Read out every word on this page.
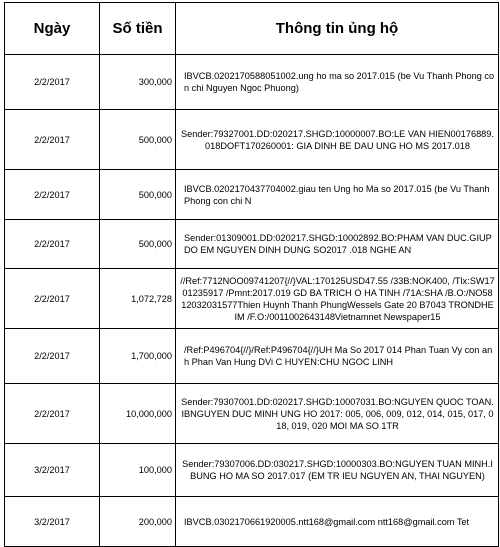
Ngày	Số tiền	Thông tin ủng hộ
2/2/2017	300,000	IBVCB.0202170588051002.ung ho ma so 2017.015 (be Vu Thanh Phong con chi Nguyen Ngoc Phuong)
2/2/2017	500,000	Sender:79327001.DD:020217.SHGD:10000007.BO:LE VAN HIEN00176889.018DOFT170260001: GIA DINH BE DAU UNG HO MS 2017.018
2/2/2017	500,000	IBVCB.0202170437704002.giau ten Ung ho Ma so 2017.015 (be Vu Thanh Phong con chi N
2/2/2017	500,000	Sender:01309001.DD:020217.SHGD:10002892.BO:PHAM VAN DUC.GIUP DO EM NGUYEN DINH DUNG SO2017 .018 NGHE AN
2/2/2017	1,072,728	//Ref:7712NOO09741207{//}VAL:170125USD47.55 /33B:NOK400, /Tlx:SW1701235917 /Pmnt:2017.019 GD BA TRICH O HA TINH /71A:SHA /B.O:/NO5812032031577Thien Huynh Thanh PhungWessels Gate 20 B7043 TRONDHEIM /F.O:/0011002643148Vietnamnet Newspaper15
2/2/2017	1,700,000	/Ref:P496704{//}/Ref:P496704{//}UH Ma So 2017 014 Phan Tuan Vy con anh Phan Van Hung DVi C HUYEN:CHU NGOC LINH
2/2/2017	10,000,000	Sender:79307001.DD:020217.SHGD:10007031.BO:NGUYEN QUOC TOAN.IBNGUYEN DUC MINH UNG HO 2017: 005, 006, 009, 012, 014, 015, 017, 018, 019, 020 MOI MA SO 1TR
3/2/2017	100,000	Sender:79307006.DD:030217.SHGD:10000303.BO:NGUYEN TUAN MINH.IBUNG HO MA SO 2017.017 (EM TR IEU NGUYEN AN, THAI NGUYEN)
3/2/2017	200,000	IBVCB.0302170661920005.ntt168@gmail.com ntt168@gmail.com Tet
